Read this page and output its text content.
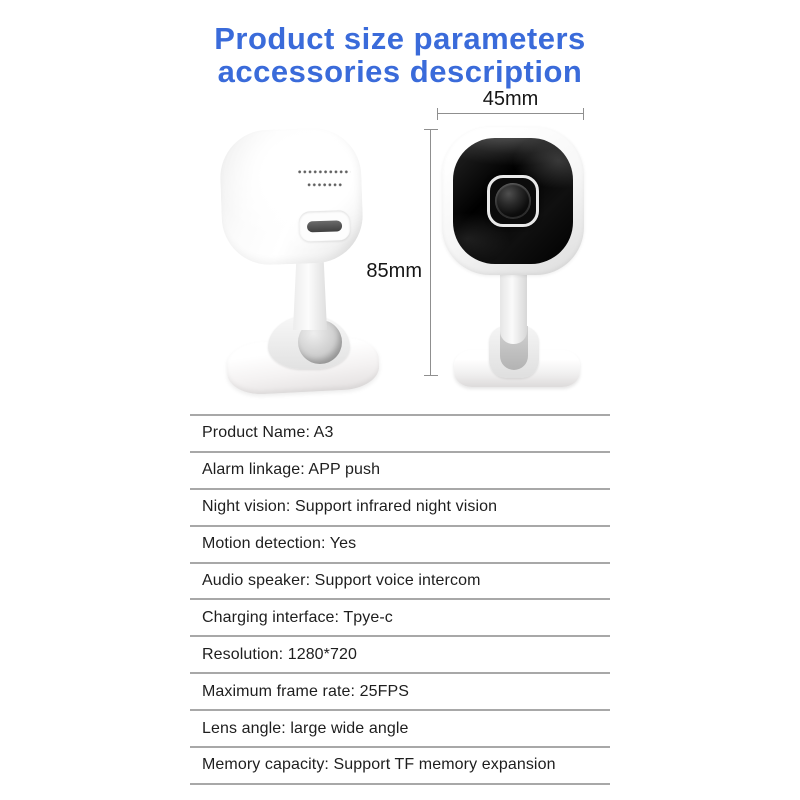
Product size parameters
accessories description
45mm
85mm
Product Name: A3
Alarm linkage: APP push
Night vision: Support infrared night vision
Motion detection: Yes
Audio speaker: Support voice intercom
Charging interface: Tpye-c
Resolution: 1280*720
Maximum frame rate: 25FPS
Lens angle: large wide angle
Memory capacity: Support TF memory expansion
